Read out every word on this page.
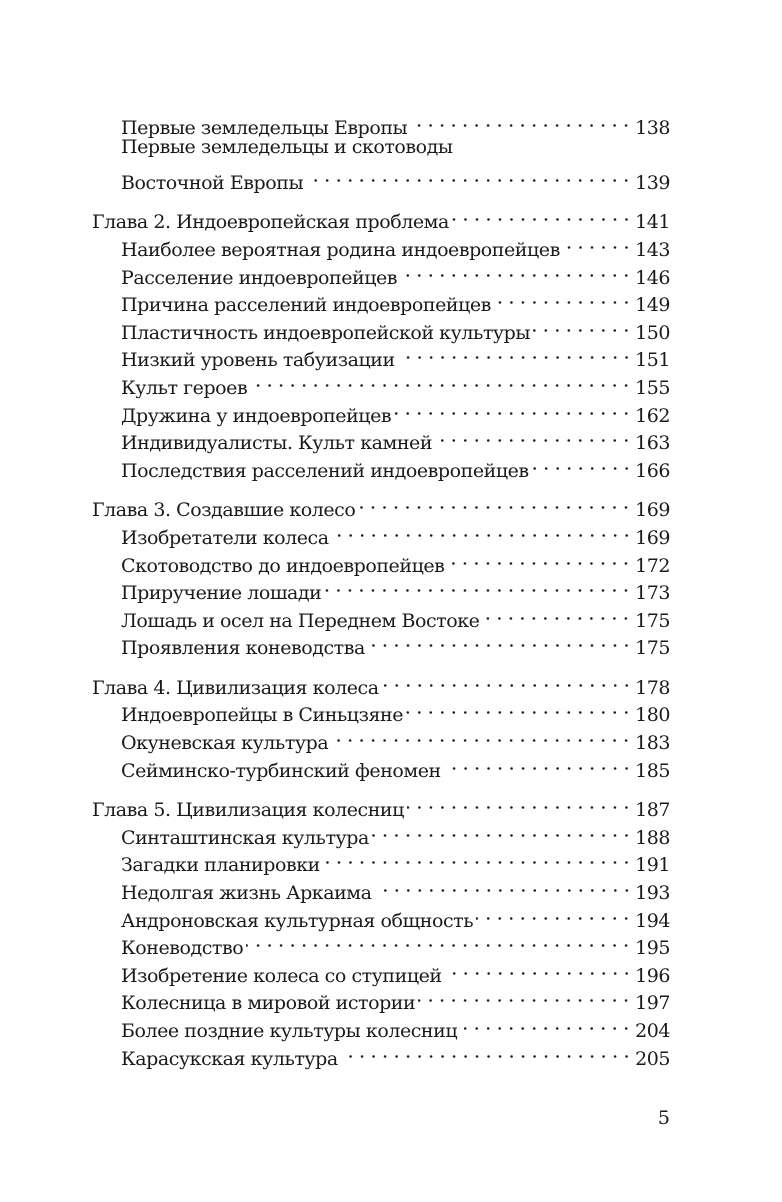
Первые земледельцы Европы	138
Первые земледельцы и скотоводы
Восточной Европы	139
Глава 2. Индоевропейская проблема	141
Наиболее вероятная родина индоевропейцев	143
Расселение индоевропейцев	146
Причина расселений индоевропейцев	149
Пластичность индоевропейской культуры	150
Низкий уровень табуизации	151
Культ героев	155
Дружина у индоевропейцев	162
Индивидуалисты. Культ камней	163
Последствия расселений индоевропейцев	166
Глава 3. Создавшие колесо	169
Изобретатели колеса	169
Скотоводство до индоевропейцев	172
Приручение лошади	173
Лошадь и осел на Переднем Востоке	175
Проявления коневодства	175
Глава 4. Цивилизация колеса	178
Индоевропейцы в Синьцзяне	180
Окуневская культура	183
Сейминско-турбинский феномен	185
Глава 5. Цивилизация колесниц	187
Синташтинская культура	188
Загадки планировки	191
Недолгая жизнь Аркаима	193
Андроновская культурная общность	194
Коневодство	195
Изобретение колеса со ступицей	196
Колесница в мировой истории	197
Более поздние культуры колесниц	204
Карасукская культура	205
5
